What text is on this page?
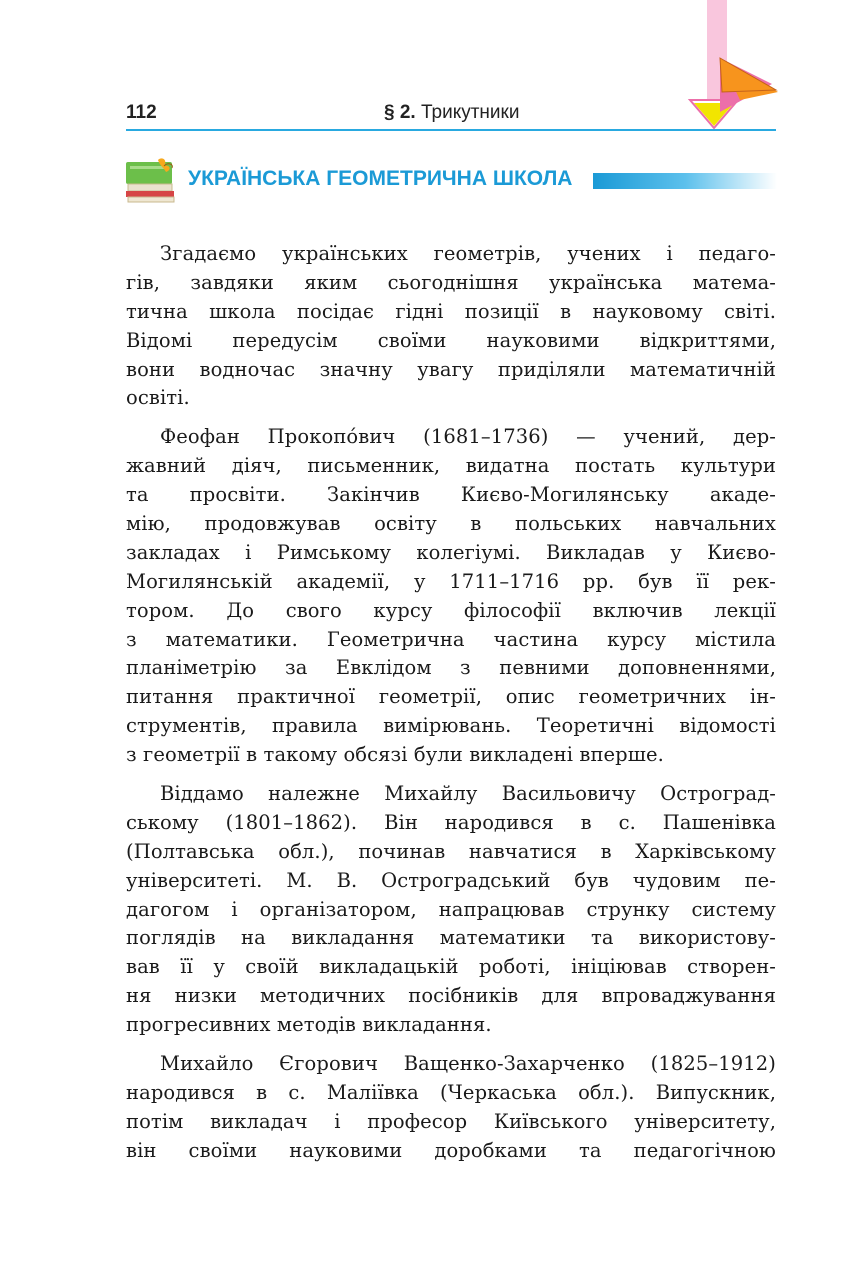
112	§ 2. Трикутники
УКРАЇНСЬКА ГЕОМЕТРИЧНА ШКОЛА
Згадаємо українських геометрів, учених і педаго-
гів, завдяки яким сьогоднішня українська матема-
тична школа посідає гідні позиції в науковому світі.
Відомі передусім своїми науковими відкриттями,
вони водночас значну увагу приділяли математичній
освіті.
Феофан Прокопо́вич (1681–1736) — учений, дер-
жавний діяч, письменник, видатна постать культури
та просвіти. Закінчив Києво-Могилянську акаде-
мію, продовжував освіту в польських навчальних
закладах і Римському колегіумі. Викладав у Києво-
Могилянській академії, у 1711–1716 рр. був її рек-
тором. До свого курсу філософії включив лекції
з математики. Геометрична частина курсу містила
планіметрію за Евклідом з певними доповненнями,
питання практичної геометрії, опис геометричних ін-
струментів, правила вимірювань. Теоретичні відомості
з геометрії в такому обсязі були викладені вперше.
Віддамо належне Михайлу Васильовичу Остроград-
ському (1801–1862). Він народився в с. Пашенівка
(Полтавська обл.), починав навчатися в Харківському
університеті. М. В. Остроградський був чудовим пе-
дагогом і організатором, напрацював струнку систему
поглядів на викладання математики та використову-
вав її у своїй викладацькій роботі, ініціював створен-
ня низки методичних посібників для впроваджування
прогресивних методів викладання.
Михайло Єгорович Ващенко-Захарченко (1825–1912)
народився в с. Маліївка (Черкаська обл.). Випускник,
потім викладач і професор Київського університету,
він своїми науковими доробками та педагогічною
